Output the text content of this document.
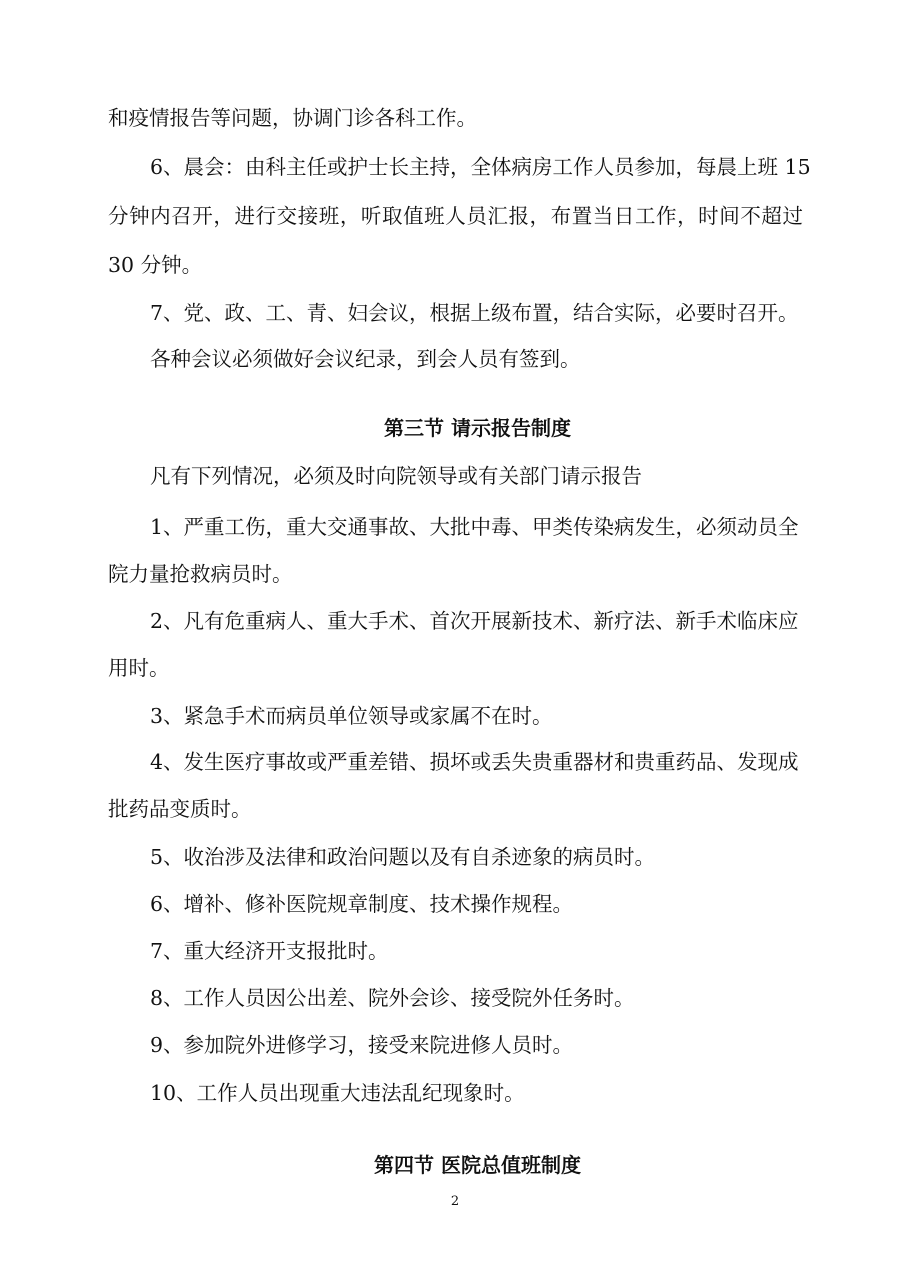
和疫情报告等问题，协调门诊各科工作。
6、晨会：由科主任或护士长主持，全体病房工作人员参加，每晨上班 15
分钟内召开，进行交接班，听取值班人员汇报，布置当日工作，时间不超过
30 分钟。
7、党、政、工、青、妇会议，根据上级布置，结合实际，必要时召开。
各种会议必须做好会议纪录，到会人员有签到。
第三节 请示报告制度
凡有下列情况，必须及时向院领导或有关部门请示报告
1、严重工伤，重大交通事故、大批中毒、甲类传染病发生，必须动员全
院力量抢救病员时。
2、凡有危重病人、重大手术、首次开展新技术、新疗法、新手术临床应
用时。
3、紧急手术而病员单位领导或家属不在时。
4、发生医疗事故或严重差错、损坏或丢失贵重器材和贵重药品、发现成
批药品变质时。
5、收治涉及法律和政治问题以及有自杀迹象的病员时。
6、增补、修补医院规章制度、技术操作规程。
7、重大经济开支报批时。
8、工作人员因公出差、院外会诊、接受院外任务时。
9、参加院外进修学习，接受来院进修人员时。
10、工作人员出现重大违法乱纪现象时。
第四节 医院总值班制度
2
